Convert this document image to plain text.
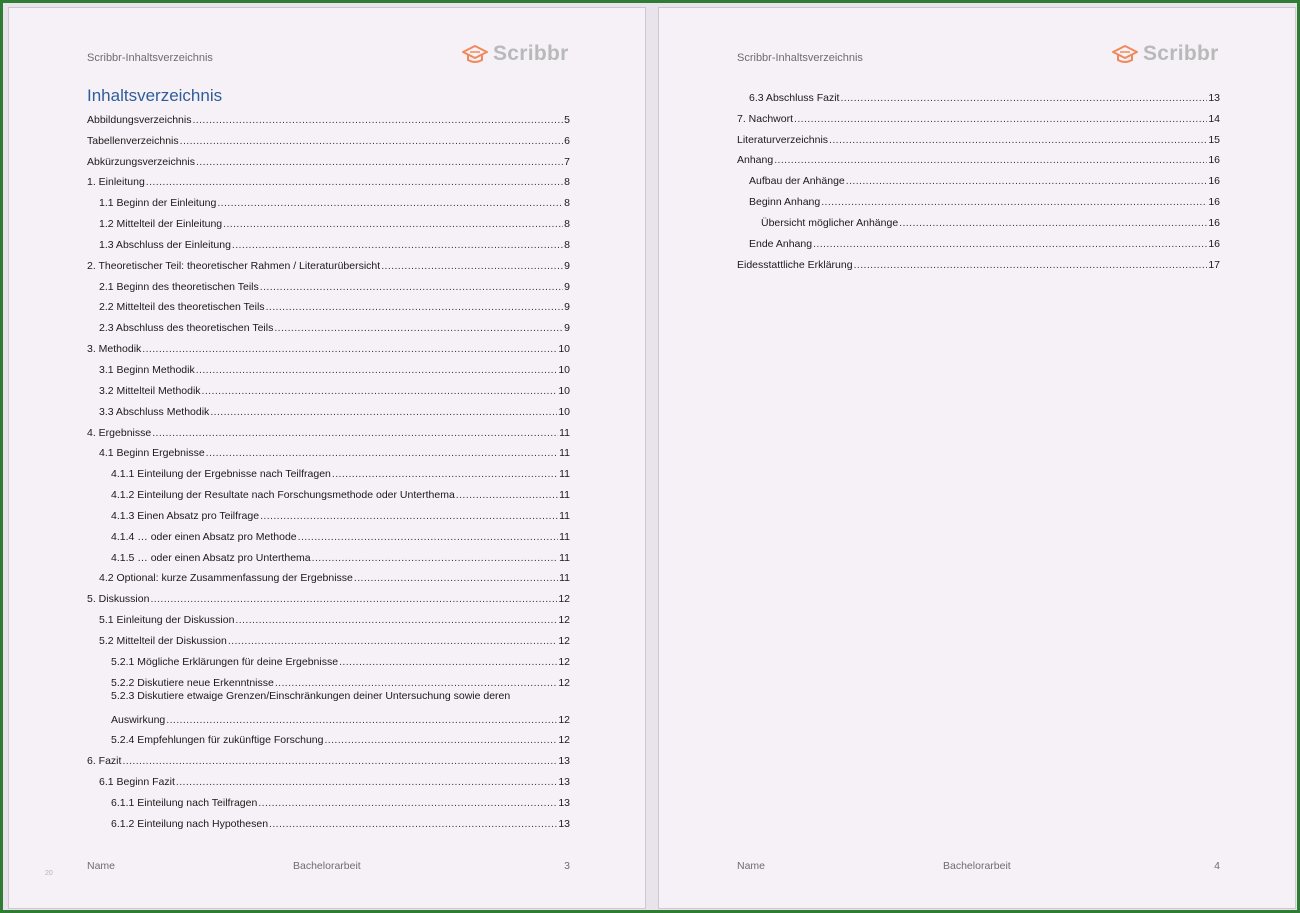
Scribbr-Inhaltsverzeichnis	Scribbr
Inhaltsverzeichnis
Abbildungsverzeichnis .....	5
Tabellenverzeichnis .....	6
Abkürzungsverzeichnis .....	7
1. Einleitung .....	8
1.1 Beginn der Einleitung .....	8
1.2 Mittelteil der Einleitung .....	8
1.3 Abschluss der Einleitung .....	8
2. Theoretischer Teil: theoretischer Rahmen / Literaturübersicht .....	9
2.1 Beginn des theoretischen Teils .....	9
2.2 Mittelteil des theoretischen Teils .....	9
2.3 Abschluss des theoretischen Teils .....	9
3. Methodik .....	10
3.1 Beginn Methodik .....	10
3.2 Mittelteil Methodik .....	10
3.3 Abschluss Methodik .....	10
4. Ergebnisse .....	11
4.1 Beginn Ergebnisse .....	11
4.1.1 Einteilung der Ergebnisse nach Teilfragen .....	11
4.1.2 Einteilung der Resultate nach Forschungsmethode oder Unterthema .....	11
4.1.3 Einen Absatz pro Teilfrage .....	11
4.1.4 … oder einen Absatz pro Methode .....	11
4.1.5 … oder einen Absatz pro Unterthema .....	11
4.2 Optional: kurze Zusammenfassung der Ergebnisse .....	11
5. Diskussion .....	12
5.1 Einleitung der Diskussion .....	12
5.2 Mittelteil der Diskussion .....	12
5.2.1 Mögliche Erklärungen für deine Ergebnisse .....	12
5.2.2 Diskutiere neue Erkenntnisse .....	12
5.2.3 Diskutiere etwaige Grenzen/Einschränkungen deiner Untersuchung sowie deren
Auswirkung .....	12
5.2.4 Empfehlungen für zukünftige Forschung .....	12
6. Fazit .....	13
6.1 Beginn Fazit .....	13
6.1.1 Einteilung nach Teilfragen .....	13
6.1.2 Einteilung nach Hypothesen .....	13
Name	Bachelorarbeit	3
20
Scribbr-Inhaltsverzeichnis	Scribbr
6.3 Abschluss Fazit .....	13
7. Nachwort .....	14
Literaturverzeichnis .....	15
Anhang .....	16
Aufbau der Anhänge .....	16
Beginn Anhang .....	16
Übersicht möglicher Anhänge .....	16
Ende Anhang .....	16
Eidesstattliche Erklärung .....	17
Name	Bachelorarbeit	4
